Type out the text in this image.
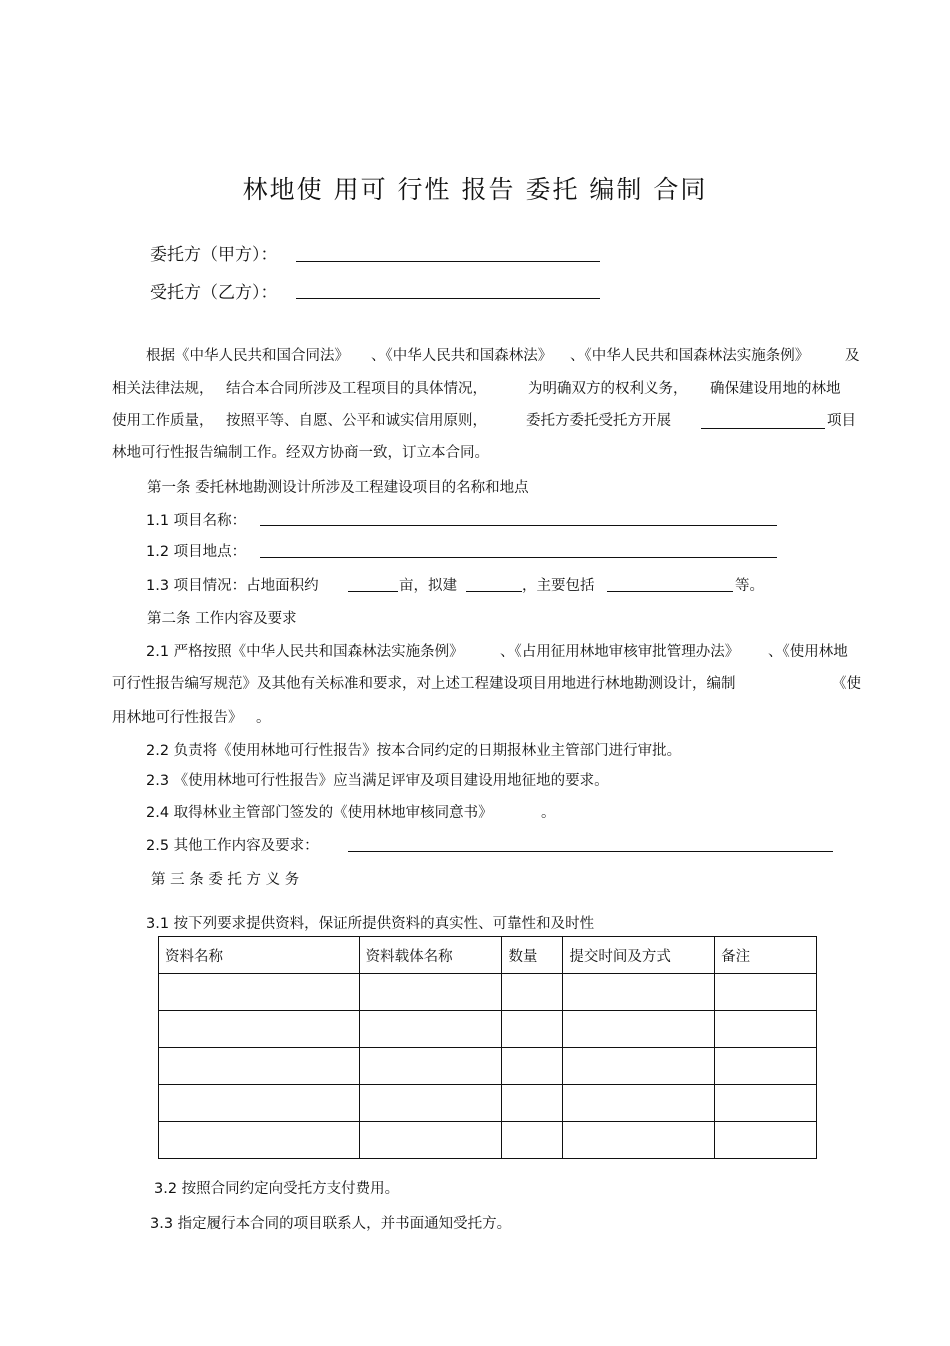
林地使 用可 行性 报告 委托 编制 合同
委托方（甲方）：
受托方（乙方）：
根据《中华人民共和国合同法》 、《中华人民共和国森林法》 、《中华人民共和国森林法实施条例》 及
相关法律法规， 结合本合同所涉及工程项目的具体情况，	为明确双方的权利义务， 确保建设用地的林地
使用工作质量， 按照平等、自愿、公平和诚实信用原则，	委托方委托受托方开展	项目
林地可行性报告编制工作。经双方协商一致，订立本合同。
第一条 委托林地勘测设计所涉及工程建设项目的名称和地点
1.1 项目名称：
1.2 项目地点：
1.3 项目情况：占地面积约	亩，拟建	，主要包括	等。
第二条 工作内容及要求
2.1 严格按照《中华人民共和国森林法实施条例》	、《占用征用林地审核审批管理办法》 、《使用林地
可行性报告编写规范》及其他有关标准和要求，对上述工程建设项目用地进行林地勘测设计，编制	《使
用林地可行性报告》 。
2.2 负责将《使用林地可行性报告》按本合同约定的日期报林业主管部门进行审批。
2.3 《使用林地可行性报告》应当满足评审及项目建设用地征地的要求。
2.4 取得林业主管部门签发的《使用林地审核同意书》	。
2.5 其他工作内容及要求：
第 三 条 委 托 方 义 务
3.1 按下列要求提供资料，保证所提供资料的真实性、可靠性和及时性
资料名称	资料载体名称	数量	提交时间及方式	备注

3.2 按照合同约定向受托方支付费用。
3.3 指定履行本合同的项目联系人，并书面通知受托方。
